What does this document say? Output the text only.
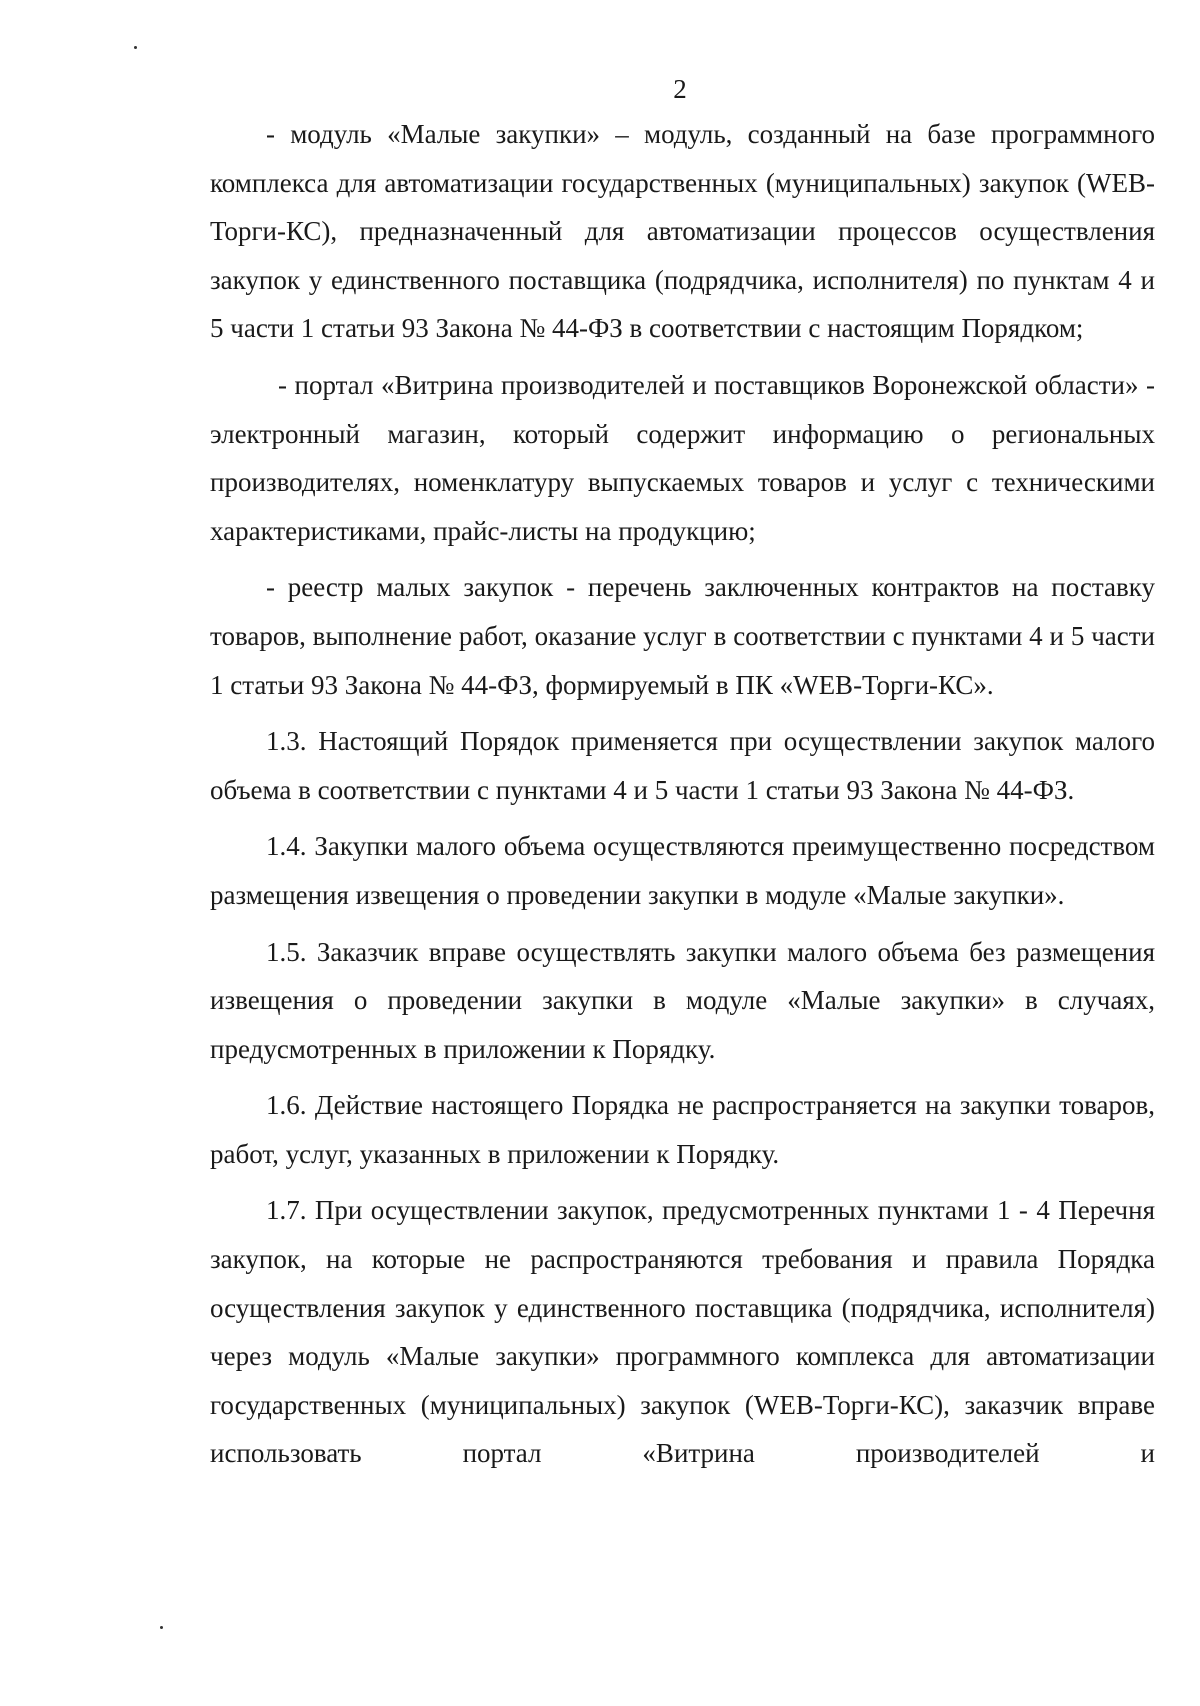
2

- модуль «Малые закупки» – модуль, созданный на базе программного комплекса для автоматизации государственных (муниципальных) закупок (WEB-Торги-КС), предназначенный для автоматизации процессов осуществления закупок у единственного поставщика (подрядчика, исполнителя) по пунктам 4 и 5 части 1 статьи 93 Закона № 44-ФЗ в соответствии с настоящим Порядком;

- портал «Витрина производителей и поставщиков Воронежской области» - электронный магазин, который содержит информацию о региональных производителях, номенклатуру выпускаемых товаров и услуг с техническими характеристиками, прайс-листы на продукцию;

- реестр малых закупок - перечень заключенных контрактов на поставку товаров, выполнение работ, оказание услуг в соответствии с пунктами 4 и 5 части 1 статьи 93 Закона № 44-ФЗ, формируемый в ПК «WEB-Торги-КС».

1.3. Настоящий Порядок применяется при осуществлении закупок малого объема в соответствии с пунктами 4 и 5 части 1 статьи 93 Закона № 44-ФЗ.

1.4. Закупки малого объема осуществляются преимущественно посредством размещения извещения о проведении закупки в модуле «Малые закупки».

1.5. Заказчик вправе осуществлять закупки малого объема без размещения извещения о проведении закупки в модуле «Малые закупки» в случаях, предусмотренных в приложении к Порядку.

1.6. Действие настоящего Порядка не распространяется на закупки товаров, работ, услуг, указанных в приложении к Порядку.

1.7. При осуществлении закупок, предусмотренных пунктами 1 - 4 Перечня закупок, на которые не распространяются требования и правила Порядка осуществления закупок у единственного поставщика (подрядчика, исполнителя) через модуль «Малые закупки» программного комплекса для автоматизации государственных (муниципальных) закупок (WEB-Торги-КС), заказчик вправе использовать портал «Витрина производителей и
